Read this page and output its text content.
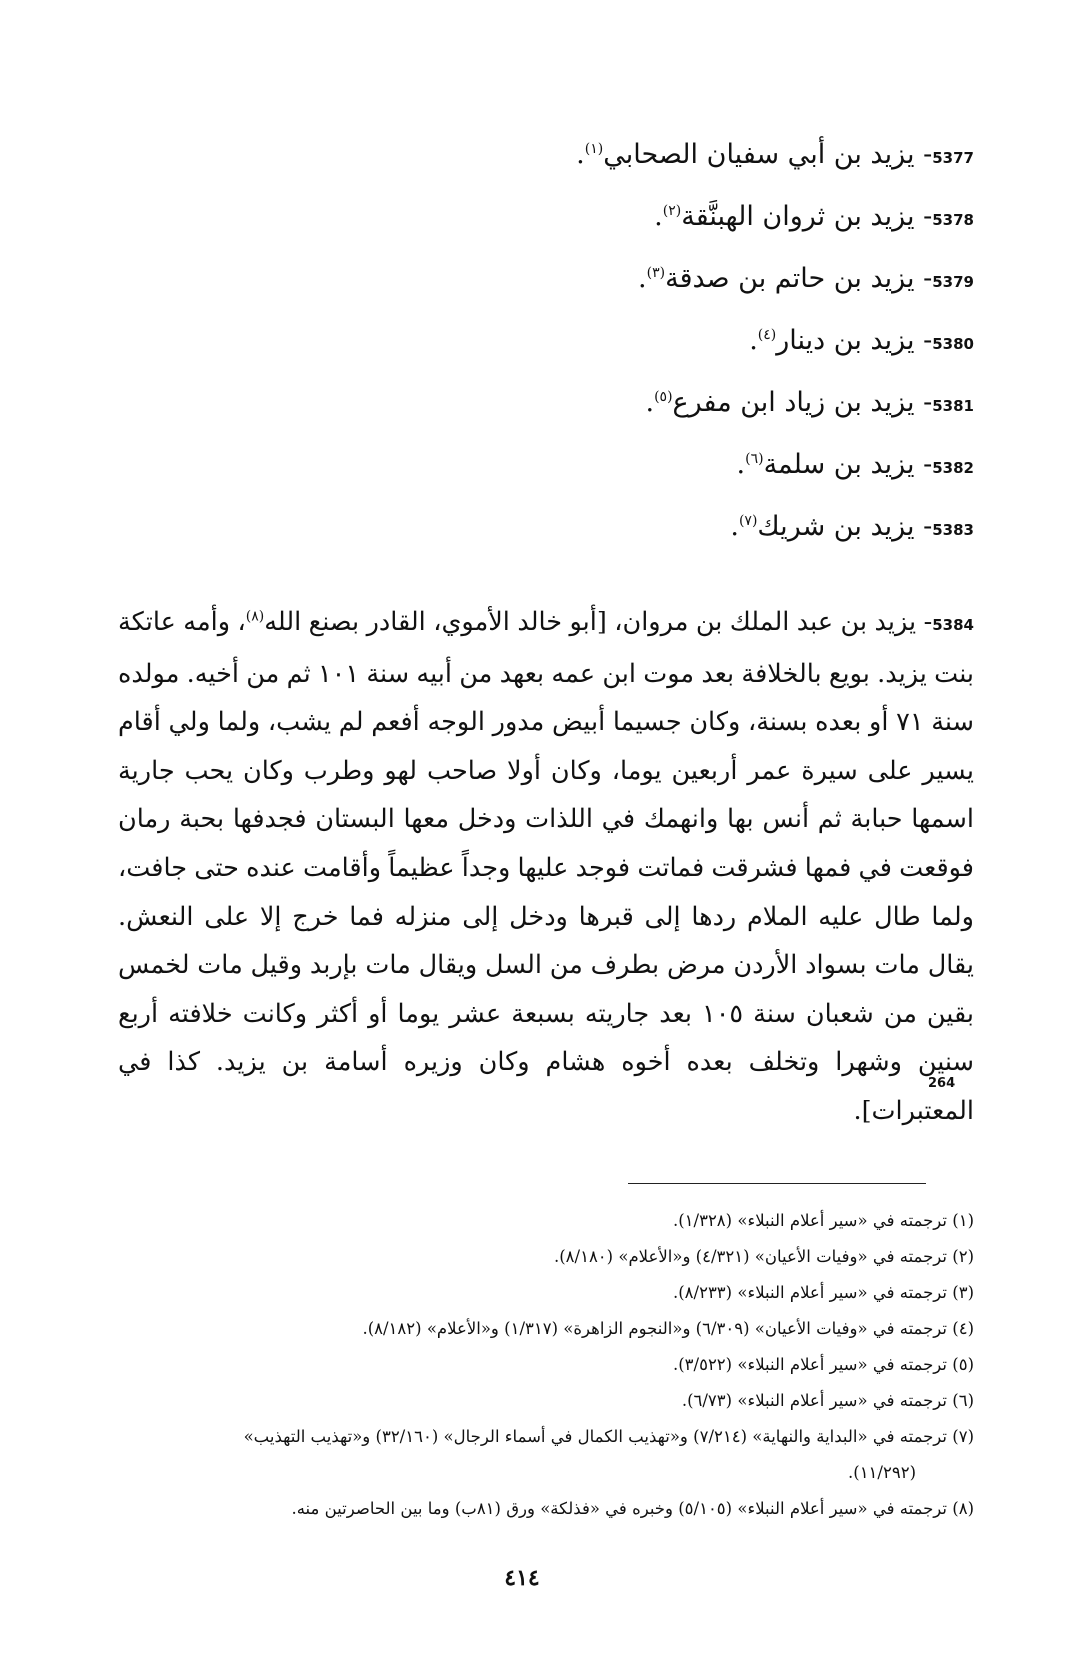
5377- يزيد بن أبي سفيان الصحابي$^{(١)}$.
5378- يزيد بن ثروان الهبنَّقة$^{(٢)}$.
5379- يزيد بن حاتم بن صدقة$^{(٣)}$.
5380- يزيد بن دينار$^{(٤)}$.
5381- يزيد بن زياد ابن مفرع$^{(٥)}$.
5382- يزيد بن سلمة$^{(٦)}$.
5383- يزيد بن شريك$^{(٧)}$.
5384- يزيد بن عبد الملك بن مروان، [أبو خالد الأموي، القادر بصنع الله$^{(٨)}$، وأمه عاتكة بنت يزيد. بويع بالخلافة بعد موت ابن عمه بعهد من أبيه سنة ١٠١ ثم من أخيه. مولده سنة ٧١ أو بعده بسنة، وكان جسيما أبيض مدور الوجه أفعم لم يشب، ولما ولي أقام يسير على سيرة عمر أربعين يوما، وكان أولا صاحب لهو وطرب وكان يحب جارية اسمها حبابة ثم أنس بها وانهمك في اللذات ودخل معها البستان فجدفها بحبة رمان فوقعت في فمها فشرقت فماتت فوجد عليها وجداً عظيماً وأقامت عنده حتى جافت، ولما طال عليه الملام ردها إلى قبرها ودخل إلى منزله فما خرج إلا على النعش. يقال مات بسواد الأردن مرض بطرف من السل ويقال مات بإربد وقيل مات لخمس بقين من شعبان سنة ١٠٥ بعد جاريته بسبعة عشر يوما أو أكثر وكانت خلافته أربع سنين وشهرا وتخلف بعده أخوه هشام وكان وزيره أسامة بن يزيد. كذا في المعتبرات].
264
(١) ترجمته في «سير أعلام النبلاء» (١/٣٢٨).
(٢) ترجمته في «وفيات الأعيان» (٤/٣٢١) و«الأعلام» (٨/١٨٠).
(٣) ترجمته في «سير أعلام النبلاء» (٨/٢٣٣).
(٤) ترجمته في «وفيات الأعيان» (٦/٣٠٩) و«النجوم الزاهرة» (١/٣١٧) و«الأعلام» (٨/١٨٢).
(٥) ترجمته في «سير أعلام النبلاء» (٣/٥٢٢).
(٦) ترجمته في «سير أعلام النبلاء» (٦/٧٣).
(٧) ترجمته في «البداية والنهاية» (٧/٢١٤) و«تهذيب الكمال في أسماء الرجال» (٣٢/١٦٠) و«تهذيب التهذيب»
(١١/٢٩٢).
(٨) ترجمته في «سير أعلام النبلاء» (٥/١٠٥) وخبره في «فذلكة» ورق (٨١ب) وما بين الحاصرتين منه.
٤١٤
